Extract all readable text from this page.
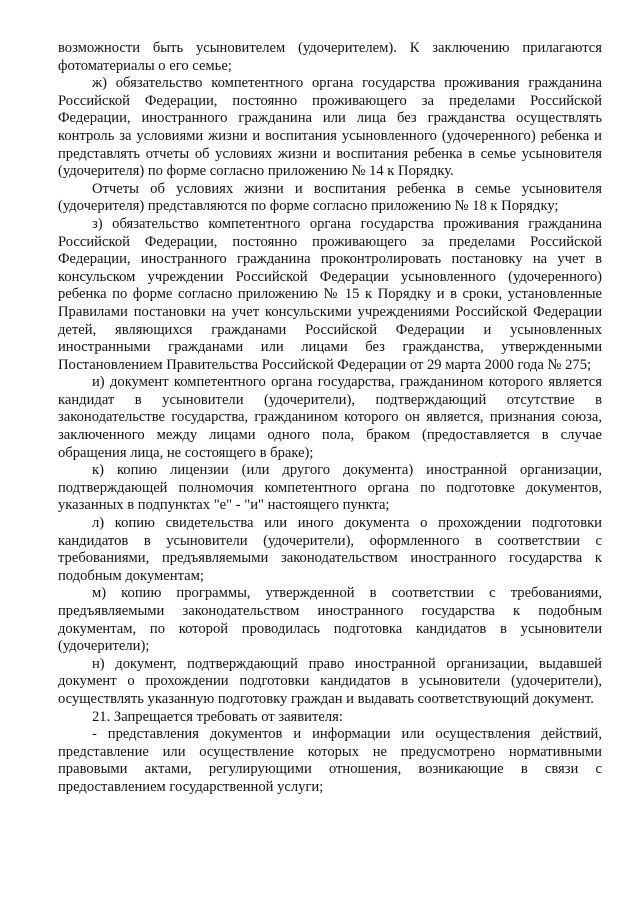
возможности быть усыновителем (удочерителем). К заключению прилагаются фотоматериалы о его семье;

ж) обязательство компетентного органа государства проживания гражданина Российской Федерации, постоянно проживающего за пределами Российской Федерации, иностранного гражданина или лица без гражданства осуществлять контроль за условиями жизни и воспитания усыновленного (удочеренного) ребенка и представлять отчеты об условиях жизни и воспитания ребенка в семье усыновителя (удочерителя) по форме согласно приложению № 14 к Порядку.

Отчеты об условиях жизни и воспитания ребенка в семье усыновителя (удочерителя) представляются по форме согласно приложению № 18 к Порядку;

з) обязательство компетентного органа государства проживания гражданина Российской Федерации, постоянно проживающего за пределами Российской Федерации, иностранного гражданина проконтролировать постановку на учет в консульском учреждении Российской Федерации усыновленного (удочеренного) ребенка по форме согласно приложению № 15 к Порядку и в сроки, установленные Правилами постановки на учет консульскими учреждениями Российской Федерации детей, являющихся гражданами Российской Федерации и усыновленных иностранными гражданами или лицами без гражданства, утвержденными Постановлением Правительства Российской Федерации от 29 марта 2000 года № 275;

и) документ компетентного органа государства, гражданином которого является кандидат в усыновители (удочерители), подтверждающий отсутствие в законодательстве государства, гражданином которого он является, признания союза, заключенного между лицами одного пола, браком (предоставляется в случае обращения лица, не состоящего в браке);

к) копию лицензии (или другого документа) иностранной организации, подтверждающей полномочия компетентного органа по подготовке документов, указанных в подпунктах "е" - "и" настоящего пункта;

л) копию свидетельства или иного документа о прохождении подготовки кандидатов в усыновители (удочерители), оформленного в соответствии с требованиями, предъявляемыми законодательством иностранного государства к подобным документам;

м) копию программы, утвержденной в соответствии с требованиями, предъявляемыми законодательством иностранного государства к подобным документам, по которой проводилась подготовка кандидатов в усыновители (удочерители);

н) документ, подтверждающий право иностранной организации, выдавшей документ о прохождении подготовки кандидатов в усыновители (удочерители), осуществлять указанную подготовку граждан и выдавать соответствующий документ.

21. Запрещается требовать от заявителя:

- представления документов и информации или осуществления действий, представление или осуществление которых не предусмотрено нормативными правовыми актами, регулирующими отношения, возникающие в связи с предоставлением государственной услуги;
